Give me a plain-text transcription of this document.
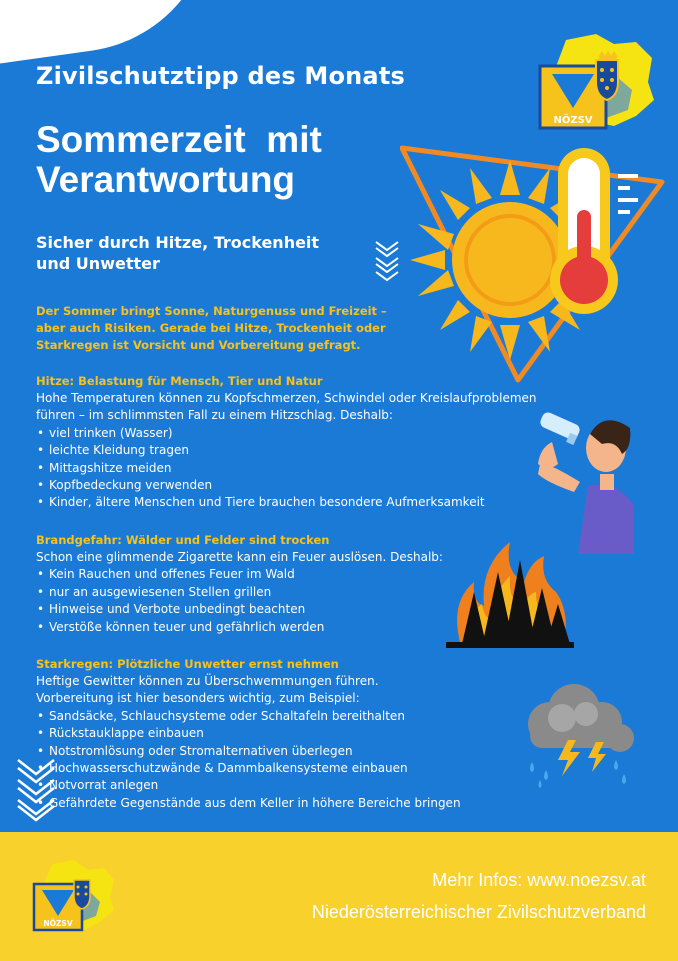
NÖZSV
Zivilschutztipp des Monats
Sommerzeit  mit
Verantwortung
Sicher durch Hitze, Trockenheit
und Unwetter
Der Sommer bringt Sonne, Naturgenuss und Freizeit –
aber auch Risiken. Gerade bei Hitze, Trockenheit oder
Starkregen ist Vorsicht und Vorbereitung gefragt.
Hitze: Belastung für Mensch, Tier und Natur
Hohe Temperaturen können zu Kopfschmerzen, Schwindel oder Kreislaufproblemen
führen – im schlimmsten Fall zu einem Hitzschlag. Deshalb:
• viel trinken (Wasser)
• leichte Kleidung tragen
• Mittagshitze meiden
• Kopfbedeckung verwenden
• Kinder, ältere Menschen und Tiere brauchen besondere Aufmerksamkeit
Brandgefahr: Wälder und Felder sind trocken
Schon eine glimmende Zigarette kann ein Feuer auslösen. Deshalb:
• Kein Rauchen und offenes Feuer im Wald
• nur an ausgewiesenen Stellen grillen
• Hinweise und Verbote unbedingt beachten
• Verstöße können teuer und gefährlich werden
Starkregen: Plötzliche Unwetter ernst nehmen
Heftige Gewitter können zu Überschwemmungen führen.
Vorbereitung ist hier besonders wichtig, zum Beispiel:
• Sandsäcke, Schlauchsysteme oder Schaltafeln bereithalten
• Rückstauklappe einbauen
• Notstromlösung oder Stromalternativen überlegen
• Hochwasserschutzwände & Dammbalkensysteme einbauen
• Notvorrat anlegen
• Gefährdete Gegenstände aus dem Keller in höhere Bereiche bringen
NÖZSV
Mehr Infos: www.noezsv.at
Niederösterreichischer Zivilschutzverband
